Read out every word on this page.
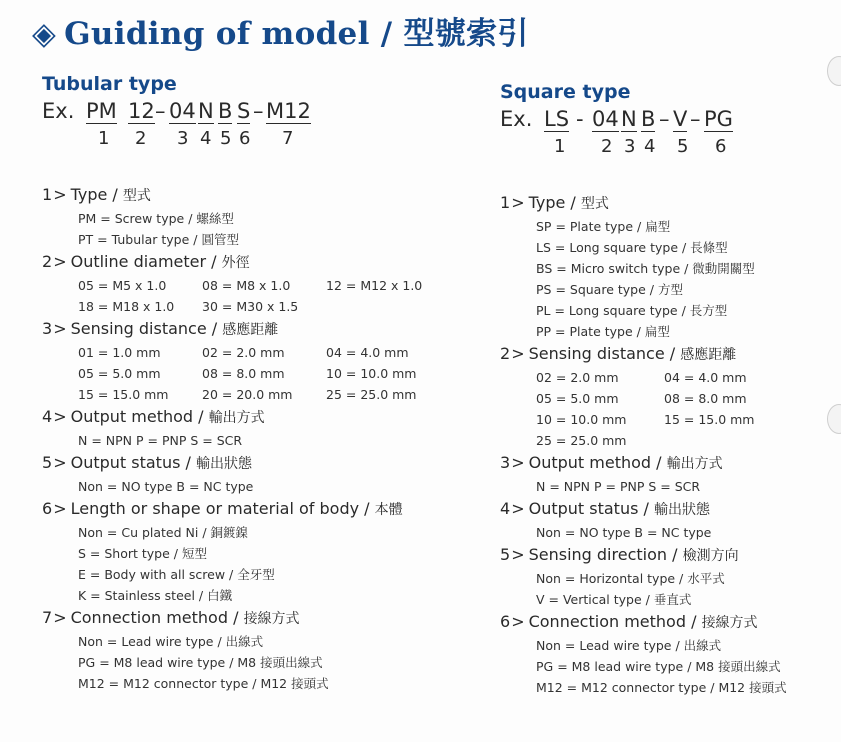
◈ Guiding of model / 型號索引
Tubular type
Ex. PM 12 – 04 N B S – M12
1 2 3 4 5 6 7
1> Type / 型式
PM = Screw type / 螺絲型
PT = Tubular type / 圓管型
2> Outline diameter / 外徑
05 = M5 x 1.0	08 = M8 x 1.0	12 = M12 x 1.0
18 = M18 x 1.0 30 = M30 x 1.5
3> Sensing distance / 感應距離
01 = 1.0 mm	02 = 2.0 mm	04 = 4.0 mm
05 = 5.0 mm	08 = 8.0 mm	10 = 10.0 mm
15 = 15.0 mm	20 = 20.0 mm	25 = 25.0 mm
4> Output method / 輸出方式
N = NPN P = PNP S = SCR
5> Output status / 輸出狀態
Non = NO type B = NC type
6> Length or shape or material of body / 本體
Non = Cu plated Ni / 銅鍍鎳
S = Short type / 短型
E = Body with all screw / 全牙型
K = Stainless steel / 白鐵
7> Connection method / 接線方式
Non = Lead wire type / 出線式
PG = M8 lead wire type / M8 接頭出線式
M12 = M12 connector type / M12 接頭式
Square type
Ex. LS - 04 N B – V – PG
1 2 3 4 5 6
1> Type / 型式
SP = Plate type / 扁型
LS = Long square type / 長條型
BS = Micro switch type / 微動開關型
PS = Square type / 方型
PL = Long square type / 長方型
PP = Plate type / 扁型
2> Sensing distance / 感應距離
02 = 2.0 mm	04 = 4.0 mm
05 = 5.0 mm	08 = 8.0 mm
10 = 10.0 mm	15 = 15.0 mm
25 = 25.0 mm
3> Output method / 輸出方式
N = NPN P = PNP S = SCR
4> Output status / 輸出狀態
Non = NO type B = NC type
5> Sensing direction / 檢測方向
Non = Horizontal type / 水平式
V = Vertical type / 垂直式
6> Connection method / 接線方式
Non = Lead wire type / 出線式
PG = M8 lead wire type / M8 接頭出線式
M12 = M12 connector type / M12 接頭式
